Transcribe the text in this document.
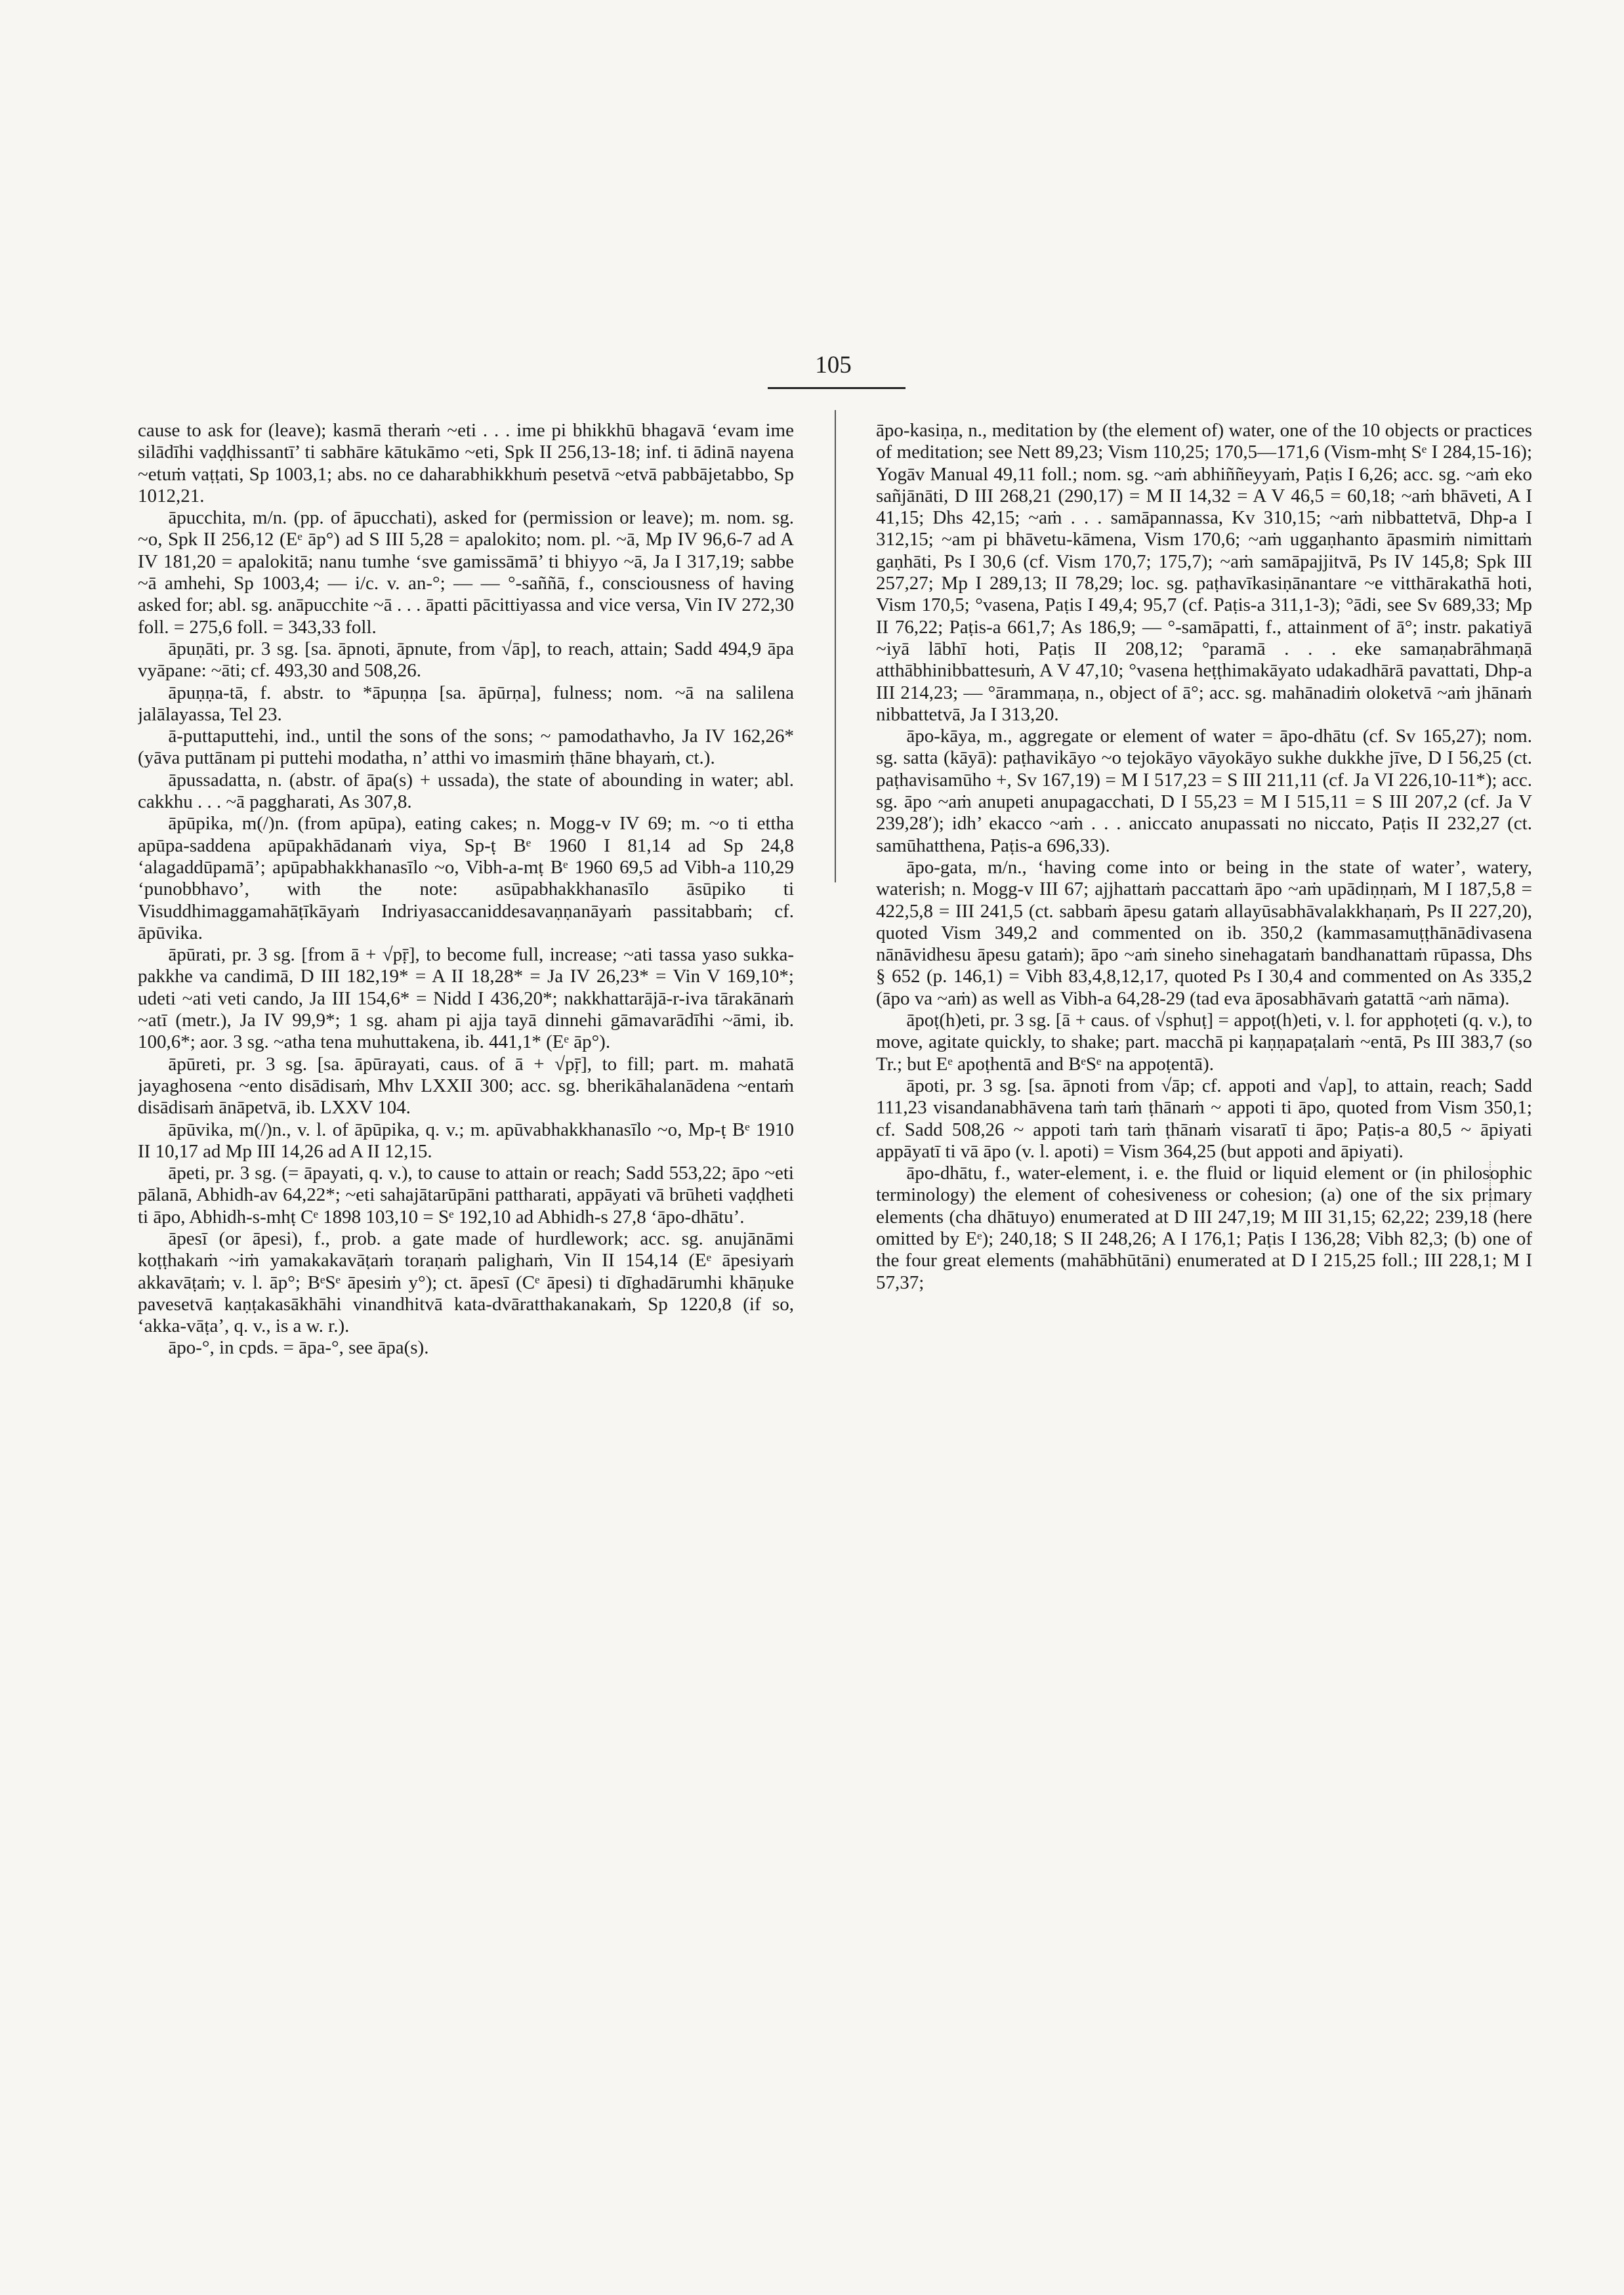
105

cause to ask for (leave); kasmā theraṁ ~eti . . . ime pi bhikkhū bhagavā ‘evam ime silādīhi vaḍḍhissantī’ ti sabhāre kātukāmo ~eti, Spk II 256,13-18; inf. ti ādinā nayena ~etuṁ vaṭṭati, Sp 1003,1; abs. no ce daharabhikkhuṁ pesetvā ~etvā pabbājetabbo, Sp 1012,21.

āpucchita, m/n. (pp. of āpucchati), asked for (permission or leave); m. nom. sg. ~o, Spk II 256,12 (Eᵉ āp°) ad S III 5,28 = apalokito; nom. pl. ~ā, Mp IV 96,6-7 ad A IV 181,20 = apalokitā; nanu tumhe ‘sve gamissāmā’ ti bhiyyo ~ā, Ja I 317,19; sabbe ~ā amhehi, Sp 1003,4; — i/c. v. an-°; — — °-saññā, f., consciousness of having asked for; abl. sg. anāpucchite ~ā . . . āpatti pācittiyassa and vice versa, Vin IV 272,30 foll. = 275,6 foll. = 343,33 foll.

āpuṇāti, pr. 3 sg. [sa. āpnoti, āpnute, from √āp], to reach, attain; Sadd 494,9 āpa vyāpane: ~āti; cf. 493,30 and 508,26.

āpuṇṇa-tā, f. abstr. to *āpuṇṇa [sa. āpūrṇa], fulness; nom. ~ā na salilena jalālayassa, Tel 23.

ā-puttaputtehi, ind., until the sons of the sons; ~ pamodathavho, Ja IV 162,26* (yāva puttānam pi puttehi modatha, n’ atthi vo imasmiṁ ṭhāne bhayaṁ, ct.).

āpussadatta, n. (abstr. of āpa(s) + ussada), the state of abounding in water; abl. cakkhu . . . ~ā paggharati, As 307,8.

āpūpika, m(/)n. (from apūpa), eating cakes; n. Mogg-v IV 69; m. ~o ti ettha apūpa-saddena apūpakhādanaṁ viya, Sp-ṭ Bᵉ 1960 I 81,14 ad Sp 24,8 ‘alagaddūpamā’; apūpabhakkhanasīlo ~o, Vibh-a-mṭ Bᵉ 1960 69,5 ad Vibh-a 110,29 ‘punobbhavo’, with the note: asūpabhakkhanasīlo āsūpiko ti Visuddhimaggamahāṭīkāyaṁ Indriyasaccaniddesavaṇṇanāyaṁ passitabbaṁ; cf. āpūvika.

āpūrati, pr. 3 sg. [from ā + √pṝ], to become full, increase; ~ati tassa yaso sukka-pakkhe va candimā, D III 182,19* = A II 18,28* = Ja IV 26,23* = Vin V 169,10*; udeti ~ati veti cando, Ja III 154,6* = Nidd I 436,20*; nakkhattarājā-r-iva tārakānaṁ ~atī (metr.), Ja IV 99,9*; 1 sg. aham pi ajja tayā dinnehi gāmavarādīhi ~āmi, ib. 100,6*; aor. 3 sg. ~atha tena muhuttakena, ib. 441,1* (Eᵉ āp°).

āpūreti, pr. 3 sg. [sa. āpūrayati, caus. of ā + √pṝ], to fill; part. m. mahatā jayaghosena ~ento disādisaṁ, Mhv LXXII 300; acc. sg. bherikāhalanādena ~entaṁ disādisaṁ ānāpetvā, ib. LXXV 104.

āpūvika, m(/)n., v. l. of āpūpika, q. v.; m. apūvabhakkhanasīlo ~o, Mp-ṭ Bᵉ 1910 II 10,17 ad Mp III 14,26 ad A II 12,15.

āpeti, pr. 3 sg. (= āpayati, q. v.), to cause to attain or reach; Sadd 553,22; āpo ~eti pālanā, Abhidh-av 64,22*; ~eti sahajātarūpāni pattharati, appāyati vā brūheti vaḍḍheti ti āpo, Abhidh-s-mhṭ Cᵉ 1898 103,10 = Sᵉ 192,10 ad Abhidh-s 27,8 ‘āpo-dhātu’.

āpesī (or āpesi), f., prob. a gate made of hurdlework; acc. sg. anujānāmi koṭṭhakaṁ ~iṁ yamakakavāṭaṁ toraṇaṁ palighaṁ, Vin II 154,14 (Eᵉ āpesiyaṁ akkavāṭaṁ; v. l. āp°; BᵉSᵉ āpesiṁ y°); ct. āpesī (Cᵉ āpesi) ti dīghadārumhi khāṇuke pavesetvā kaṇṭakasākhāhi vinandhitvā kata-dvāratthakanakaṁ, Sp 1220,8 (if so, ‘akka-vāṭa’, q. v., is a w. r.).

āpo-°, in cpds. = āpa-°, see āpa(s).

āpo-kasiṇa, n., meditation by (the element of) water, one of the 10 objects or practices of meditation; see Nett 89,23; Vism 110,25; 170,5—171,6 (Vism-mhṭ Sᵉ I 284,15-16); Yogāv Manual 49,11 foll.; nom. sg. ~aṁ abhiññeyyaṁ, Paṭis I 6,26; acc. sg. ~aṁ eko sañjānāti, D III 268,21 (290,17) = M II 14,32 = A V 46,5 = 60,18; ~aṁ bhāveti, A I 41,15; Dhs 42,15; ~aṁ . . . samāpannassa, Kv 310,15; ~aṁ nibbattetvā, Dhp-a I 312,15; ~am pi bhāvetu-kāmena, Vism 170,6; ~aṁ uggaṇhanto āpasmiṁ nimittaṁ gaṇhāti, Ps I 30,6 (cf. Vism 170,7; 175,7); ~aṁ samāpajjitvā, Ps IV 145,8; Spk III 257,27; Mp I 289,13; II 78,29; loc. sg. paṭhavīkasiṇānantare ~e vitthārakathā hoti, Vism 170,5; °vasena, Paṭis I 49,4; 95,7 (cf. Paṭis-a 311,1-3); °ādi, see Sv 689,33; Mp II 76,22; Paṭis-a 661,7; As 186,9; — °-samāpatti, f., attainment of ā°; instr. pakatiyā ~iyā lābhī hoti, Paṭis II 208,12; °paramā . . . eke samaṇabrāhmaṇā atthābhinibbattesuṁ, A V 47,10; °vasena heṭṭhimakāyato udakadhārā pavattati, Dhp-a III 214,23; — °ārammaṇa, n., object of ā°; acc. sg. mahānadiṁ oloketvā ~aṁ jhānaṁ nibbattetvā, Ja I 313,20.

āpo-kāya, m., aggregate or element of water = āpo-dhātu (cf. Sv 165,27); nom. sg. satta (kāyā): paṭhavikāyo ~o tejokāyo vāyokāyo sukhe dukkhe jīve, D I 56,25 (ct. paṭhavisamūho +, Sv 167,19) = M I 517,23 = S III 211,11 (cf. Ja VI 226,10-11*); acc. sg. āpo ~aṁ anupeti anupagacchati, D I 55,23 = M I 515,11 = S III 207,2 (cf. Ja V 239,28′); idh’ ekacco ~aṁ . . . aniccato anupassati no niccato, Paṭis II 232,27 (ct. samūhatthena, Paṭis-a 696,33).

āpo-gata, m/n., ‘having come into or being in the state of water’, watery, waterish; n. Mogg-v III 67; ajjhattaṁ paccattaṁ āpo ~aṁ upādiṇṇaṁ, M I 187,5,8 = 422,5,8 = III 241,5 (ct. sabbaṁ āpesu gataṁ allayūsabhāvalakkhaṇaṁ, Ps II 227,20), quoted Vism 349,2 and commented on ib. 350,2 (kammasamuṭṭhānādivasena nānāvidhesu āpesu gataṁ); āpo ~aṁ sineho sinehagataṁ bandhanattaṁ rūpassa, Dhs § 652 (p. 146,1) = Vibh 83,4,8,12,17, quoted Ps I 30,4 and commented on As 335,2 (āpo va ~aṁ) as well as Vibh-a 64,28-29 (tad eva āposabhāvaṁ gatattā ~aṁ nāma).

āpoṭ(h)eti, pr. 3 sg. [ā + caus. of √sphuṭ] = appoṭ(h)eti, v. l. for apphoṭeti (q. v.), to move, agitate quickly, to shake; part. macchā pi kaṇṇapaṭalaṁ ~entā, Ps III 383,7 (so Tr.; but Eᵉ apoṭhentā and BᵉSᵉ na appoṭentā).

āpoti, pr. 3 sg. [sa. āpnoti from √āp; cf. appoti and √ap], to attain, reach; Sadd 111,23 visandanabhāvena taṁ taṁ ṭhānaṁ ~ appoti ti āpo, quoted from Vism 350,1; cf. Sadd 508,26 ~ appoti taṁ taṁ ṭhānaṁ visaratī ti āpo; Paṭis-a 80,5 ~ āpiyati appāyatī ti vā āpo (v. l. apoti) = Vism 364,25 (but appoti and āpiyati).

āpo-dhātu, f., water-element, i. e. the fluid or liquid element or (in philosophic terminology) the element of cohesiveness or cohesion; (a) one of the six primary elements (cha dhātuyo) enumerated at D III 247,19; M III 31,15; 62,22; 239,18 (here omitted by Eᵉ); 240,18; S II 248,26; A I 176,1; Paṭis I 136,28; Vibh 82,3; (b) one of the four great elements (mahābhūtāni) enumerated at D I 215,25 foll.; III 228,1; M I 57,37;
